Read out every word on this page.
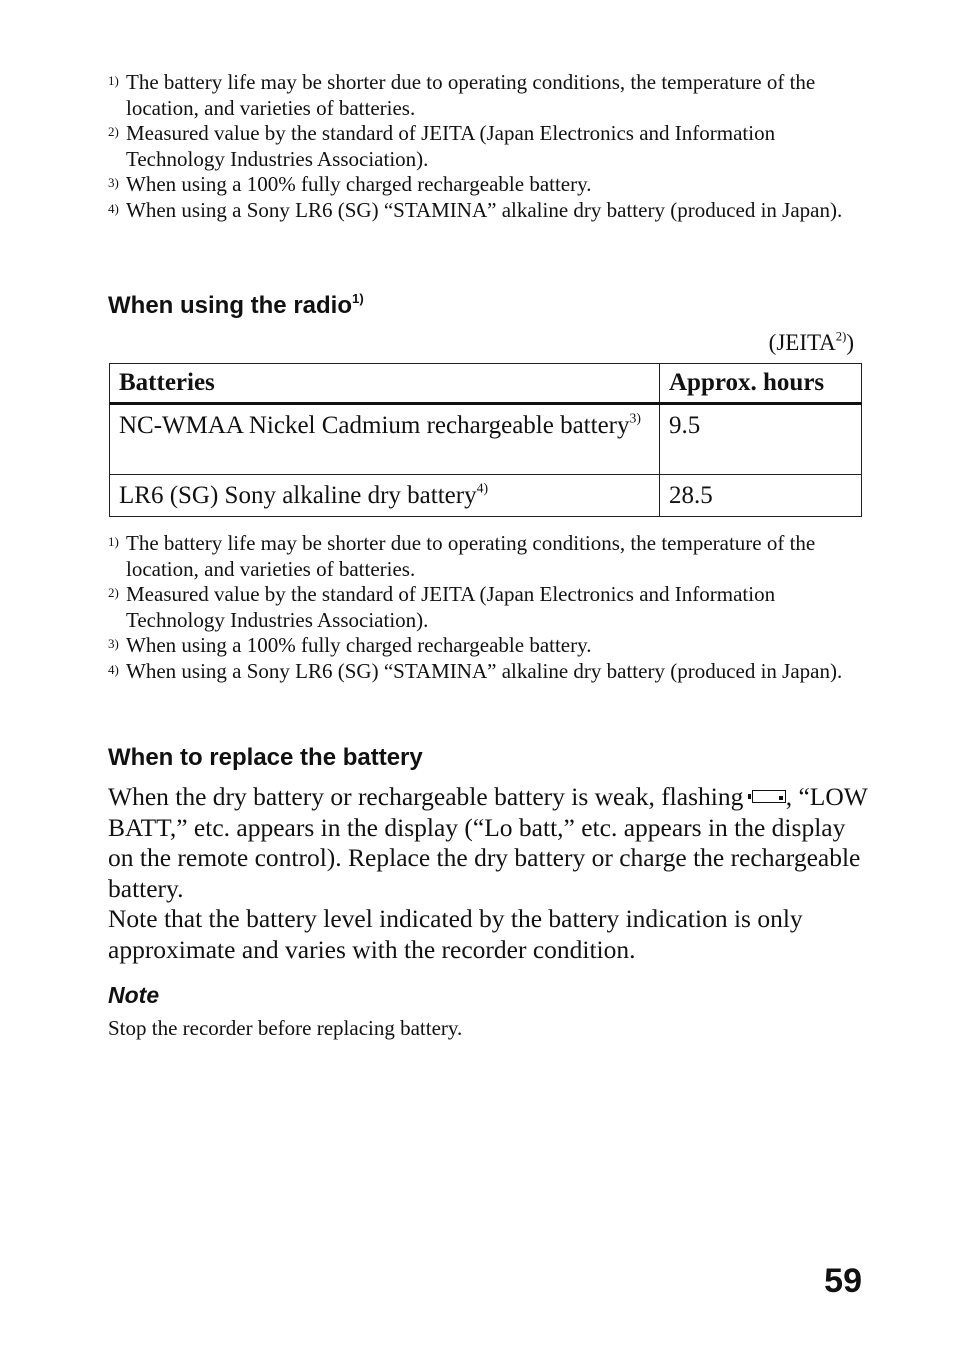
1) The battery life may be shorter due to operating conditions, the temperature of the location, and varieties of batteries.
2) Measured value by the standard of JEITA (Japan Electronics and Information Technology Industries Association).
3) When using a 100% fully charged rechargeable battery.
4) When using a Sony LR6 (SG) “STAMINA” alkaline dry battery (produced in Japan).
When using the radio$^{1)}$
(JEITA$^{2)}$)
Batteries	Approx. hours
NC-WMAA Nickel Cadmium rechargeable battery$^{3)}$	9.5
LR6 (SG) Sony alkaline dry battery$^{4)}$	28.5
1) The battery life may be shorter due to operating conditions, the temperature of the location, and varieties of batteries.
2) Measured value by the standard of JEITA (Japan Electronics and Information Technology Industries Association).
3) When using a 100% fully charged rechargeable battery.
4) When using a Sony LR6 (SG) “STAMINA” alkaline dry battery (produced in Japan).
When to replace the battery

When the dry battery or rechargeable battery is weak, flashing , “LOW BATT,” etc. appears in the display (“Lo batt,” etc. appears in the display on the remote control). Replace the dry battery or charge the rechargeable battery.

Note that the battery level indicated by the battery indication is only approximate and varies with the recorder condition.

Note
Stop the recorder before replacing battery.
59
